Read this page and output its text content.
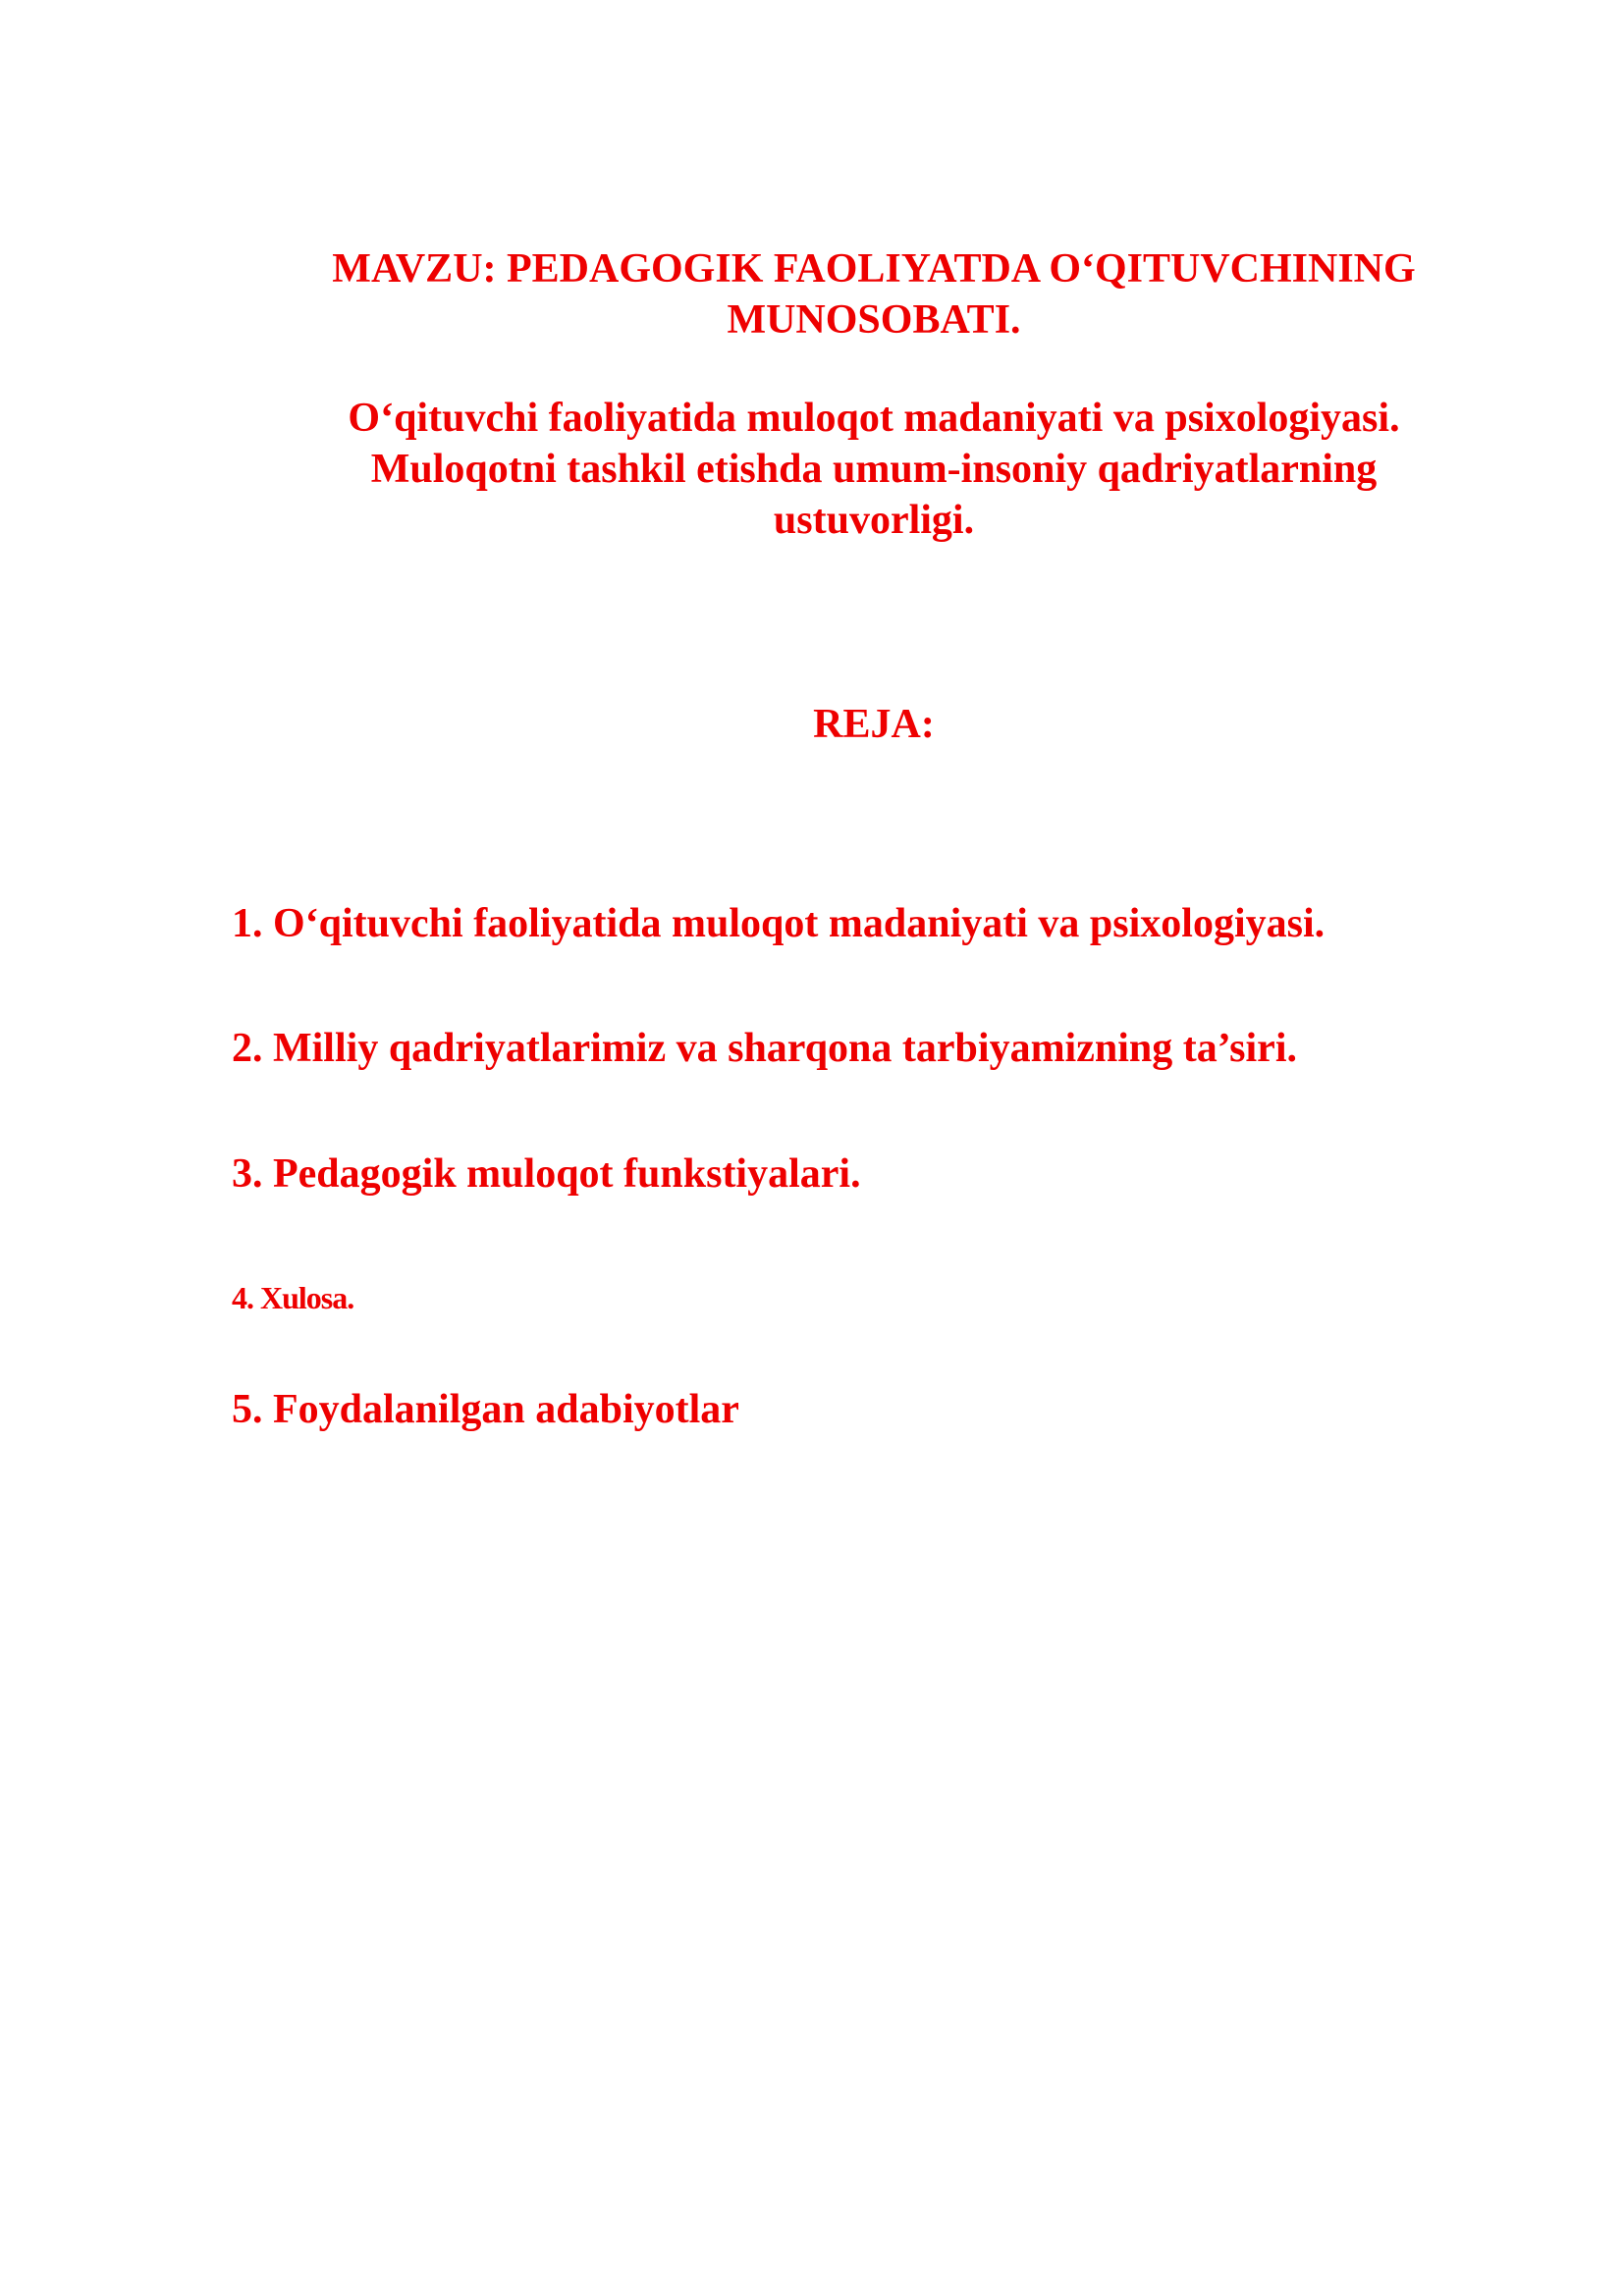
MAVZU: PEDAGOGIK FAOLIYATDA O‘QITUVCHINING
MUNOSOBATI.
O‘qituvchi faoliyatida muloqot madaniyati va psixologiyasi.
Muloqotni tashkil etishda umum-insoniy qadriyatlarning
ustuvorligi.
REJA:
1. O‘qituvchi faoliyatida muloqot madaniyati va psixologiyasi.
2. Milliy qadriyatlarimiz va sharqona tarbiyamizning ta’siri.
3. Pedagogik muloqot funkstiyalari.
4. Xulosa.
5. Foydalanilgan adabiyotlar
